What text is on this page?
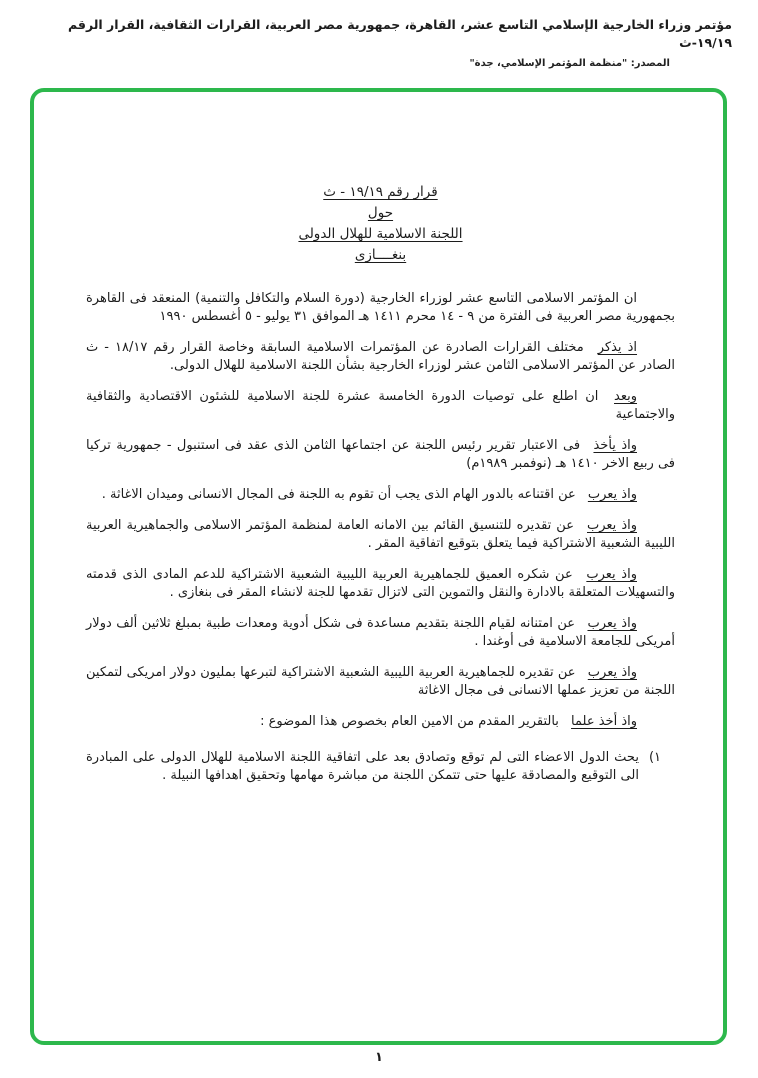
مؤتمر وزراء الخارجية الإسلامي التاسع عشر، القاهرة، جمهورية مصر العربية، القرارات الثقافية، القرار الرقم ١٩/١٩-ث
المصدر: "منظمة المؤتمر الإسلامي، جدة"
قرار رقم ١٩/١٩ - ث
حول
اللجنة الاسلامية للهلال الدولى
بنغــــازى

ان المؤتمر الاسلامى التاسع عشر لوزراء الخارجية (دورة السلام والتكافل والتنمية) المنعقد فى القاهرة بجمهورية مصر العربية فى الفترة من ٩ - ١٤ محرم ١٤١١ هـ الموافق ٣١ يوليو - ٥ أغسطس ١٩٩٠

اذ يذكر مختلف القرارات الصادرة عن المؤتمرات الاسلامية السابقة وخاصة القرار رقم ١٨/١٧ - ث الصادر عن المؤتمر الاسلامى الثامن عشر لوزراء الخارجية بشأن اللجنة الاسلامية للهلال الدولى.

وبعد ان اطلع على توصيات الدورة الخامسة عشرة للجنة الاسلامية للشئون الاقتصادية والثقافية والاجتماعية

واذ يأخذ فى الاعتبار تقرير رئيس اللجنة عن اجتماعها الثامن الذى عقد فى استنبول - جمهورية تركيا فى ربيع الاخر ١٤١٠ هـ (نوفمبر ١٩٨٩م)

واذ يعرب عن اقتناعه بالدور الهام الذى يجب أن تقوم به اللجنة فى المجال الانسانى وميدان الاغاثة .

واذ يعرب عن تقديره للتنسيق القائم بين الامانه العامة لمنظمة المؤتمر الاسلامى والجماهيرية العربية الليبية الشعبية الاشتراكية فيما يتعلق بتوقيع اتفاقية المقر .

واذ يعرب عن شكره العميق للجماهيرية العربية الليبية الشعبية الاشتراكية للدعم المادى الذى قدمته والتسهيلات المتعلقة بالادارة والنقل والتموين التى لاتزال تقدمها للجنة لانشاء المقر فى بنغازى .

واذ يعرب عن امتنانه لقيام اللجنة بتقديم مساعدة فى شكل أدوية ومعدات طبية بمبلغ ثلاثين ألف دولار أمريكى للجامعة الاسلامية فى أوغندا .

واذ يعرب عن تقديره للجماهيرية العربية الليبية الشعبية الاشتراكية لتبرعها بمليون دولار امريكى لتمكين اللجنة من تعزيز عملها الانسانى فى مجال الاغاثة

واذ أخذ علما بالتقرير المقدم من الامين العام بخصوص هذا الموضوع :

١)
يحث الدول الاعضاء التى لم توقع وتصادق بعد على اتفاقية اللجنة الاسلامية للهلال الدولى على المبادرة الى التوقيع والمصادقة عليها حتى تتمكن اللجنة من مباشرة مهامها وتحقيق اهدافها النبيلة .
١
